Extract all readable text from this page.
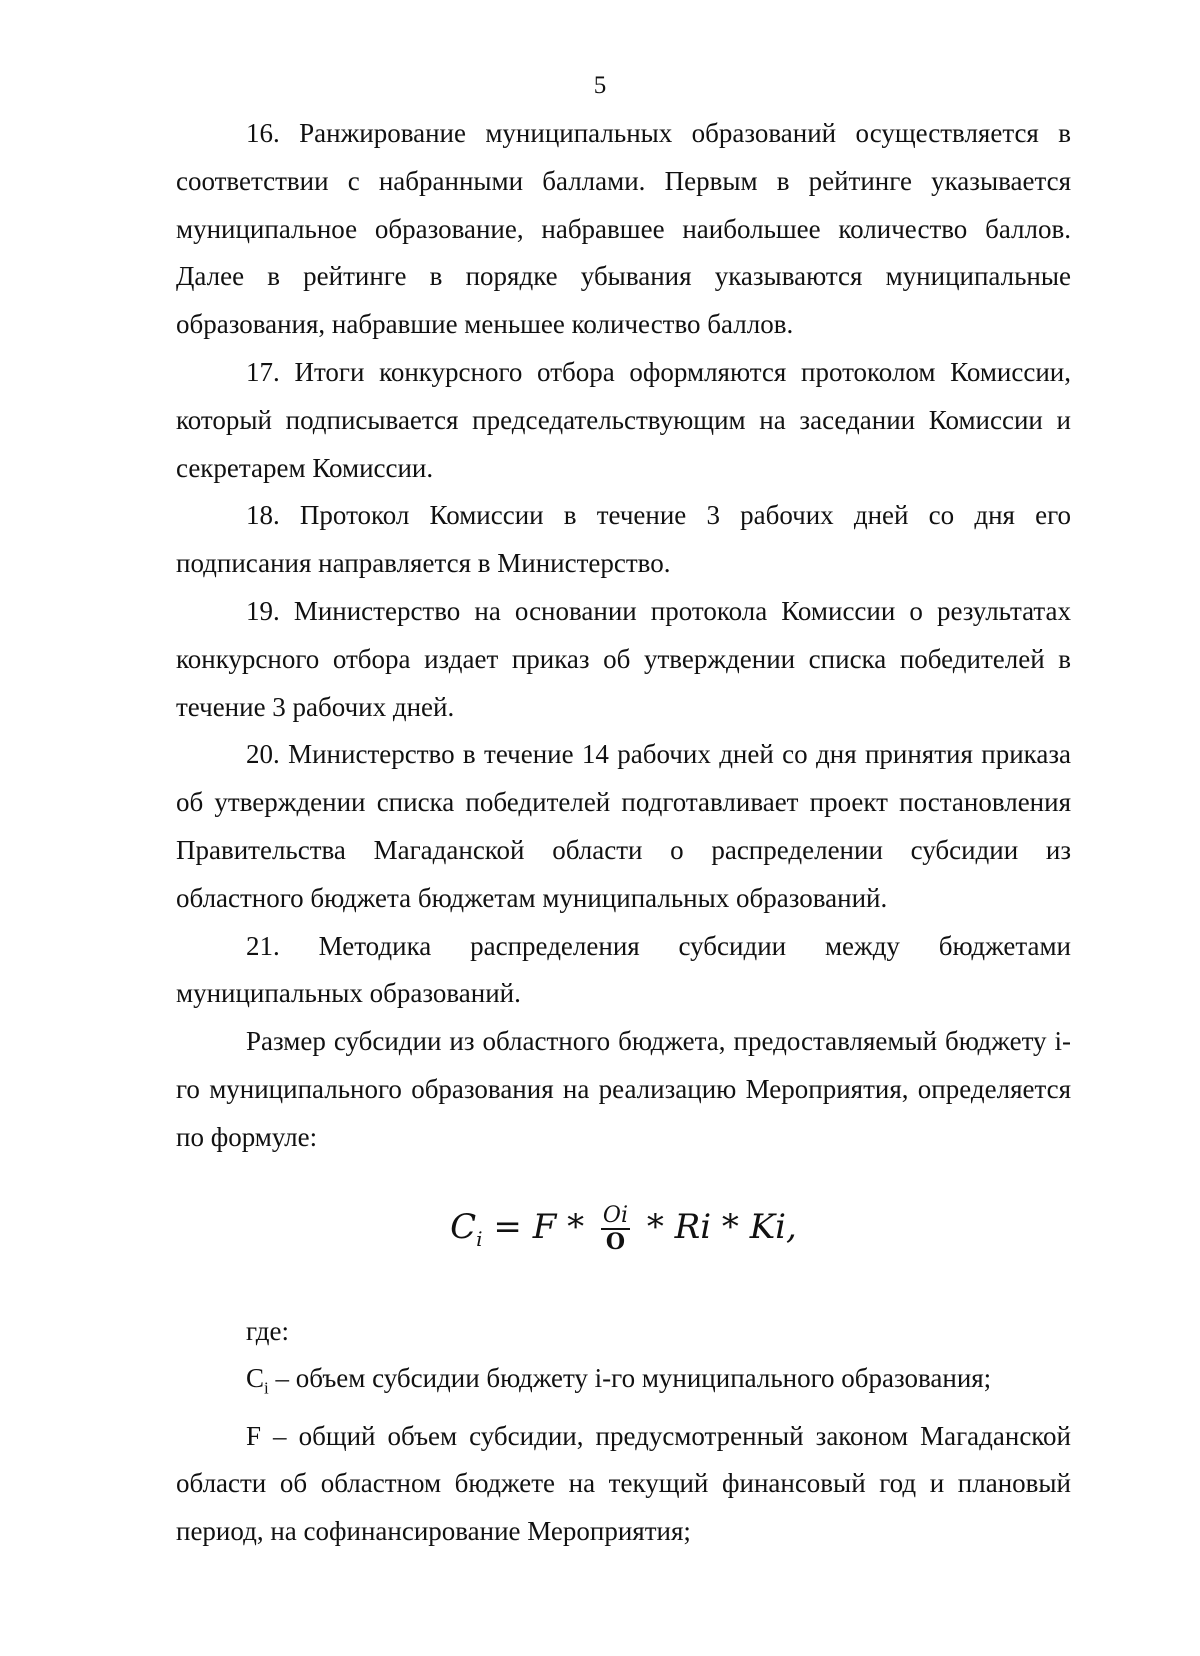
5

16. Ранжирование муниципальных образований осуществляется в соответствии с набранными баллами. Первым в рейтинге указывается муниципальное образование, набравшее наибольшее количество баллов. Далее в рейтинге в порядке убывания указываются муниципальные образования, набравшие меньшее количество баллов.

17. Итоги конкурсного отбора оформляются протоколом Комиссии, который подписывается председательствующим на заседании Комиссии и секретарем Комиссии.

18. Протокол Комиссии в течение 3 рабочих дней со дня его подписания направляется в Министерство.

19. Министерство на основании протокола Комиссии о результатах конкурсного отбора издает приказ об утверждении списка победителей в течение 3 рабочих дней.

20. Министерство в течение 14 рабочих дней со дня принятия приказа об утверждении списка победителей подготавливает проект постановления Правительства Магаданской области о распределении субсидии из областного бюджета бюджетам муниципальных образований.

21. Методика распределения субсидии между бюджетами муниципальных образований.

Размер субсидии из областного бюджета, предоставляемый бюджету i-го муниципального образования на реализацию Мероприятия, определяется по формуле:

$C_i = F * \frac{Oi}{O} * Ri * Ki$,

где:

$C_i$ – объем субсидии бюджету i-го муниципального образования;

F – общий объем субсидии, предусмотренный законом Магаданской области об областном бюджете на текущий финансовый год и плановый период, на софинансирование Мероприятия;
